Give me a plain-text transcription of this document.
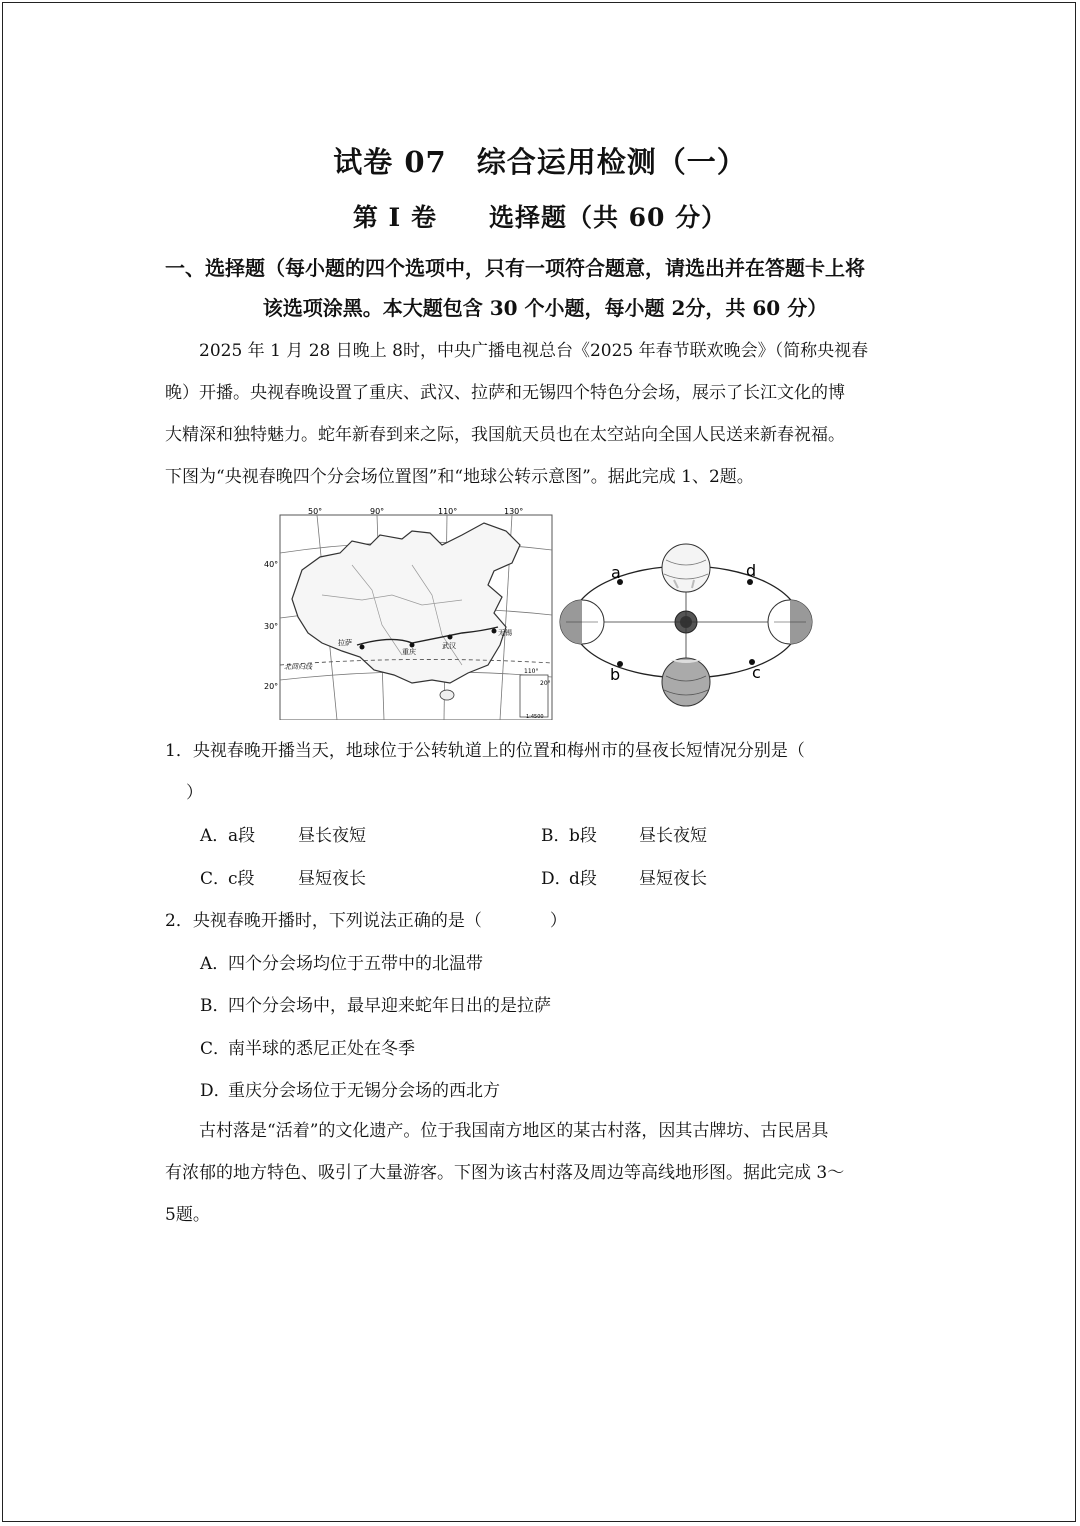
试卷 07　综合运用检测（一）
第 I 卷　　选择题（共 60 分）
一、选择题（每小题的四个选项中，只有一项符合题意，请选出并在答题卡上将
该选项涂黑。本大题包含 30 个小题，每小题 2分，共 60 分）
2025 年 1 月 28 日晚上 8时，中央广播电视总台《2025 年春节联欢晚会》（简称央视春
晚）开播。央视春晚设置了重庆、武汉、拉萨和无锡四个特色分会场，展示了长江文化的博
大精深和独特魅力。蛇年新春到来之际，我国航天员也在太空站向全国人民送来新春祝福。
下图为“央视春晚四个分会场位置图”和“地球公转示意图”。据此完成 1、2题。
50°	90°	110°	130°
40°
30°
20°
拉萨
重庆
武汉
无锡
北回归线
110°
20°
1:4500
a
b	c
d
1．央视春晚开播当天，地球位于公转轨道上的位置和梅州市的昼夜长短情况分别是（
）
A．a段	昼长夜短	B．b段 昼长夜短
C．c段	昼短夜长	D．d段 昼短夜长
2．央视春晚开播时，下列说法正确的是（　　　　）
A．四个分会场均位于五带中的北温带
B．四个分会场中，最早迎来蛇年日出的是拉萨
C．南半球的悉尼正处在冬季
D．重庆分会场位于无锡分会场的西北方
古村落是“活着”的文化遗产。位于我国南方地区的某古村落，因其古牌坊、古民居具
有浓郁的地方特色、吸引了大量游客。下图为该古村落及周边等高线地形图。据此完成 3～
5题。
